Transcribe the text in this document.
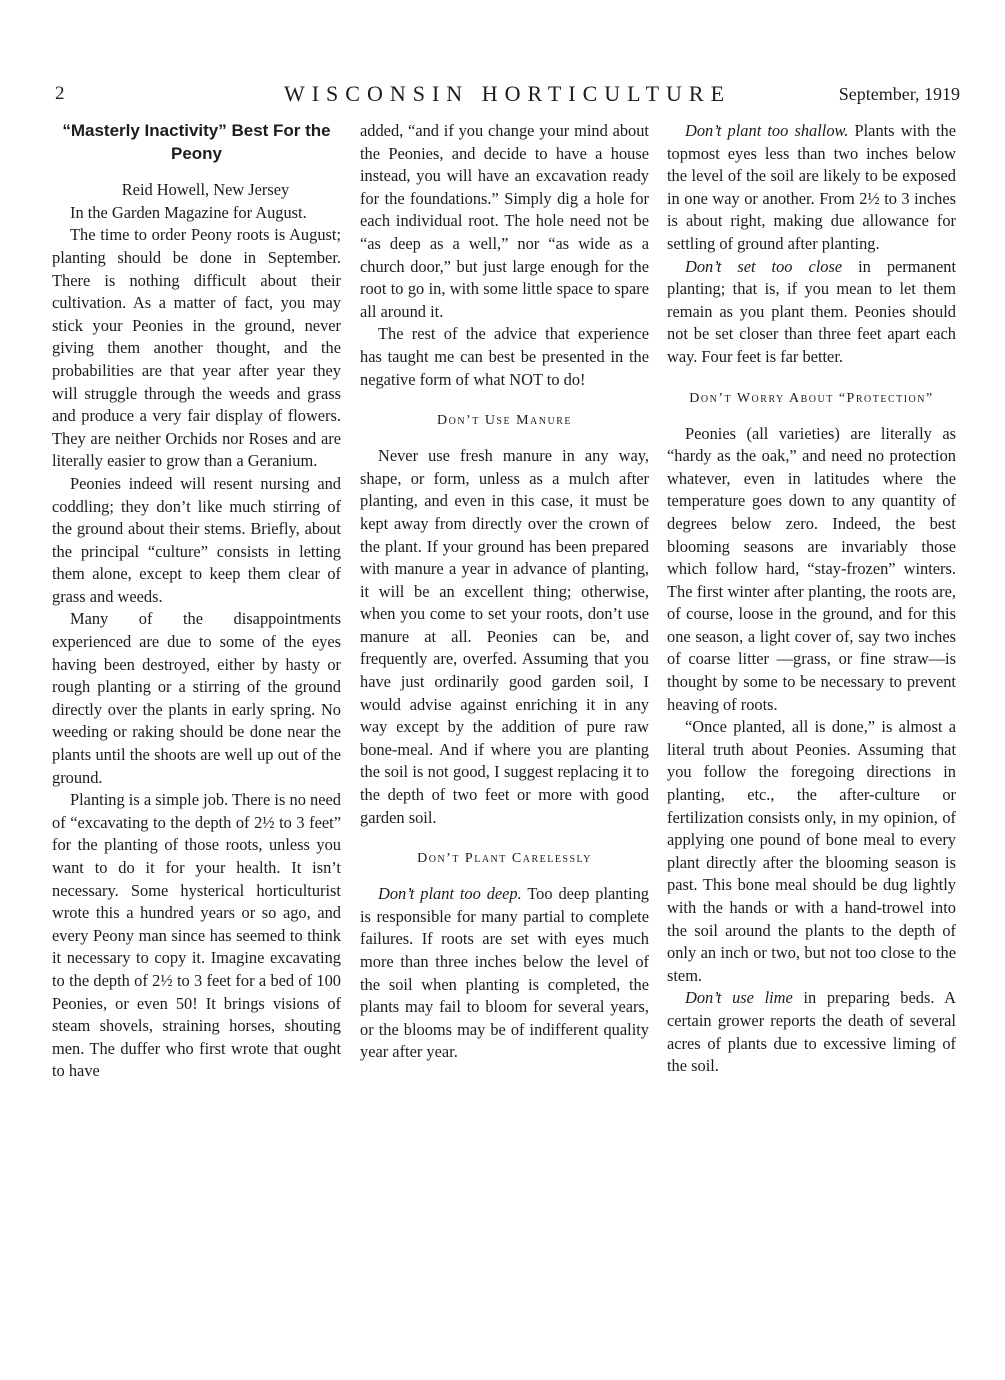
2	WISCONSIN HORTICULTURE	September, 1919
“Masterly Inactivity” Best For the Peony

Reid Howell, New Jersey

In the Garden Magazine for August.

The time to order Peony roots is August; planting should be done in September. There is nothing difficult about their cultivation. As a matter of fact, you may stick your Peonies in the ground, never giving them another thought, and the probabilities are that year after year they will struggle through the weeds and grass and produce a very fair display of flowers. They are neither Orchids nor Roses and are literally easier to grow than a Geranium.

Peonies indeed will resent nursing and coddling; they don’t like much stirring of the ground about their stems. Briefly, about the principal “culture” consists in letting them alone, except to keep them clear of grass and weeds.

Many of the disappointments experienced are due to some of the eyes having been destroyed, either by hasty or rough planting or a stirring of the ground directly over the plants in early spring. No weeding or raking should be done near the plants until the shoots are well up out of the ground.

Planting is a simple job. There is no need of “excavating to the depth of 2½ to 3 feet” for the planting of those roots, unless you want to do it for your health. It isn’t necessary. Some hysterical horticulturist wrote this a hundred years or so ago, and every Peony man since has seemed to think it necessary to copy it. Imagine excavating to the depth of 2½ to 3 feet for a bed of 100 Peonies, or even 50! It brings visions of steam shovels, straining horses, shouting men. The duffer who first wrote that ought to have

added, “and if you change your mind about the Peonies, and decide to have a house instead, you will have an excavation ready for the foundations.” Simply dig a hole for each individual root. The hole need not be “as deep as a well,” nor “as wide as a church door,” but just large enough for the root to go in, with some little space to spare all around it.

The rest of the advice that experience has taught me can best be presented in the negative form of what NOT to do!

Don’t Use Manure

Never use fresh manure in any way, shape, or form, unless as a mulch after planting, and even in this case, it must be kept away from directly over the crown of the plant. If your ground has been prepared with manure a year in advance of planting, it will be an excellent thing; otherwise, when you come to set your roots, don’t use manure at all. Peonies can be, and frequently are, overfed. Assuming that you have just ordinarily good garden soil, I would advise against enriching it in any way except by the addition of pure raw bone-meal. And if where you are planting the soil is not good, I suggest replacing it to the depth of two feet or more with good garden soil.

Don’t Plant Carelessly

Don’t plant too deep. Too deep planting is responsible for many partial to complete failures. If roots are set with eyes much more than three inches below the level of the soil when planting is completed, the plants may fail to bloom for several years, or the blooms may be of indifferent quality year after year.

Don’t plant too shallow. Plants with the topmost eyes less than two inches below the level of the soil are likely to be exposed in one way or another. From 2½ to 3 inches is about right, making due allowance for settling of ground after planting.

Don’t set too close in permanent planting; that is, if you mean to let them remain as you plant them. Peonies should not be set closer than three feet apart each way. Four feet is far better.

Don’t Worry About “Protection”

Peonies (all varieties) are literally as “hardy as the oak,” and need no protection whatever, even in latitudes where the temperature goes down to any quantity of degrees below zero. Indeed, the best blooming seasons are invariably those which follow hard, “stay-frozen” winters. The first winter after planting, the roots are, of course, loose in the ground, and for this one season, a light cover of, say two inches of coarse litter —grass, or fine straw—is thought by some to be necessary to prevent heaving of roots.

“Once planted, all is done,” is almost a literal truth about Peonies. Assuming that you follow the foregoing directions in planting, etc., the after-culture or fertilization consists only, in my opinion, of applying one pound of bone meal to every plant directly after the blooming season is past. This bone meal should be dug lightly with the hands or with a hand-trowel into the soil around the plants to the depth of only an inch or two, but not too close to the stem.

Don’t use lime in preparing beds. A certain grower reports the death of several acres of plants due to excessive liming of the soil.
